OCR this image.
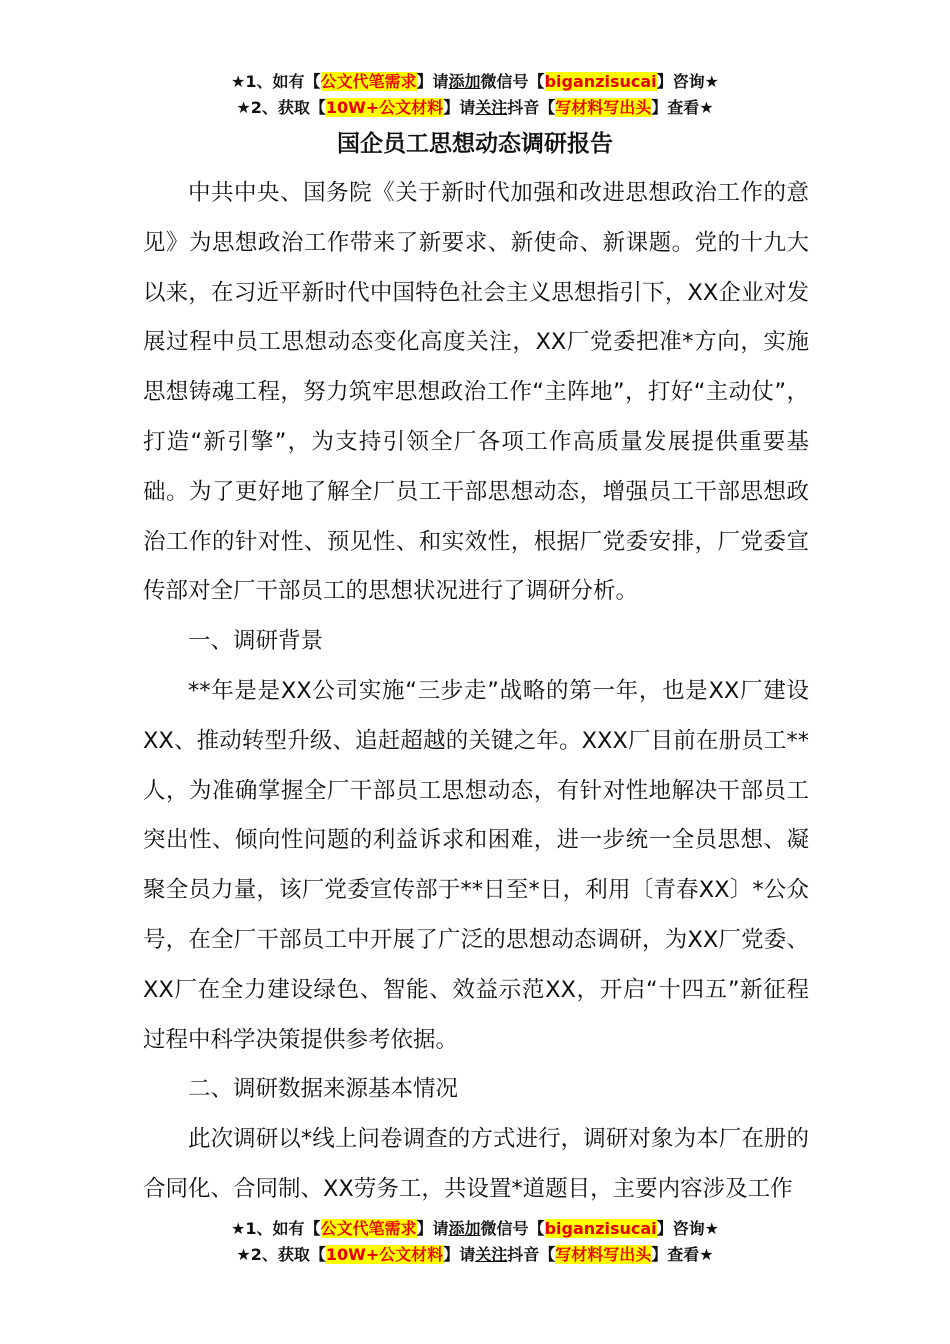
★1、如有【公文代笔需求】请添加微信号【biganzisucai】咨询★
★2、获取【10W+公文材料】请关注抖音【写材料写出头】查看★
国企员工思想动态调研报告

中共中央、国务院《关于新时代加强和改进思想政治工作的意见》为思想政治工作带来了新要求、新使命、新课题。党的十九大以来，在习近平新时代中国特色社会主义思想指引下，XX企业对发展过程中员工思想动态变化高度关注，XX厂党委把准*方向，实施思想铸魂工程，努力筑牢思想政治工作“主阵地”，打好“主动仗”，打造“新引擎”，为支持引领全厂各项工作高质量发展提供重要基础。为了更好地了解全厂员工干部思想动态，增强员工干部思想政治工作的针对性、预见性、和实效性，根据厂党委安排，厂党委宣传部对全厂干部员工的思想状况进行了调研分析。

一、调研背景

**年是是XX公司实施“三步走”战略的第一年，也是XX厂建设XX、推动转型升级、追赶超越的关键之年。XXX厂目前在册员工**人，为准确掌握全厂干部员工思想动态，有针对性地解决干部员工突出性、倾向性问题的利益诉求和困难，进一步统一全员思想、凝聚全员力量，该厂党委宣传部于**日至*日，利用〔青春XX〕*公众号，在全厂干部员工中开展了广泛的思想动态调研，为XX厂党委、XX厂在全力建设绿色、智能、效益示范XX，开启“十四五”新征程过程中科学决策提供参考依据。

二、调研数据来源基本情况

此次调研以*线上问卷调查的方式进行，调研对象为本厂在册的合同化、合同制、XX劳务工，共设置*道题目，主要内容涉及工作

★1、如有【公文代笔需求】请添加微信号【biganzisucai】咨询★
★2、获取【10W+公文材料】请关注抖音【写材料写出头】查看★
